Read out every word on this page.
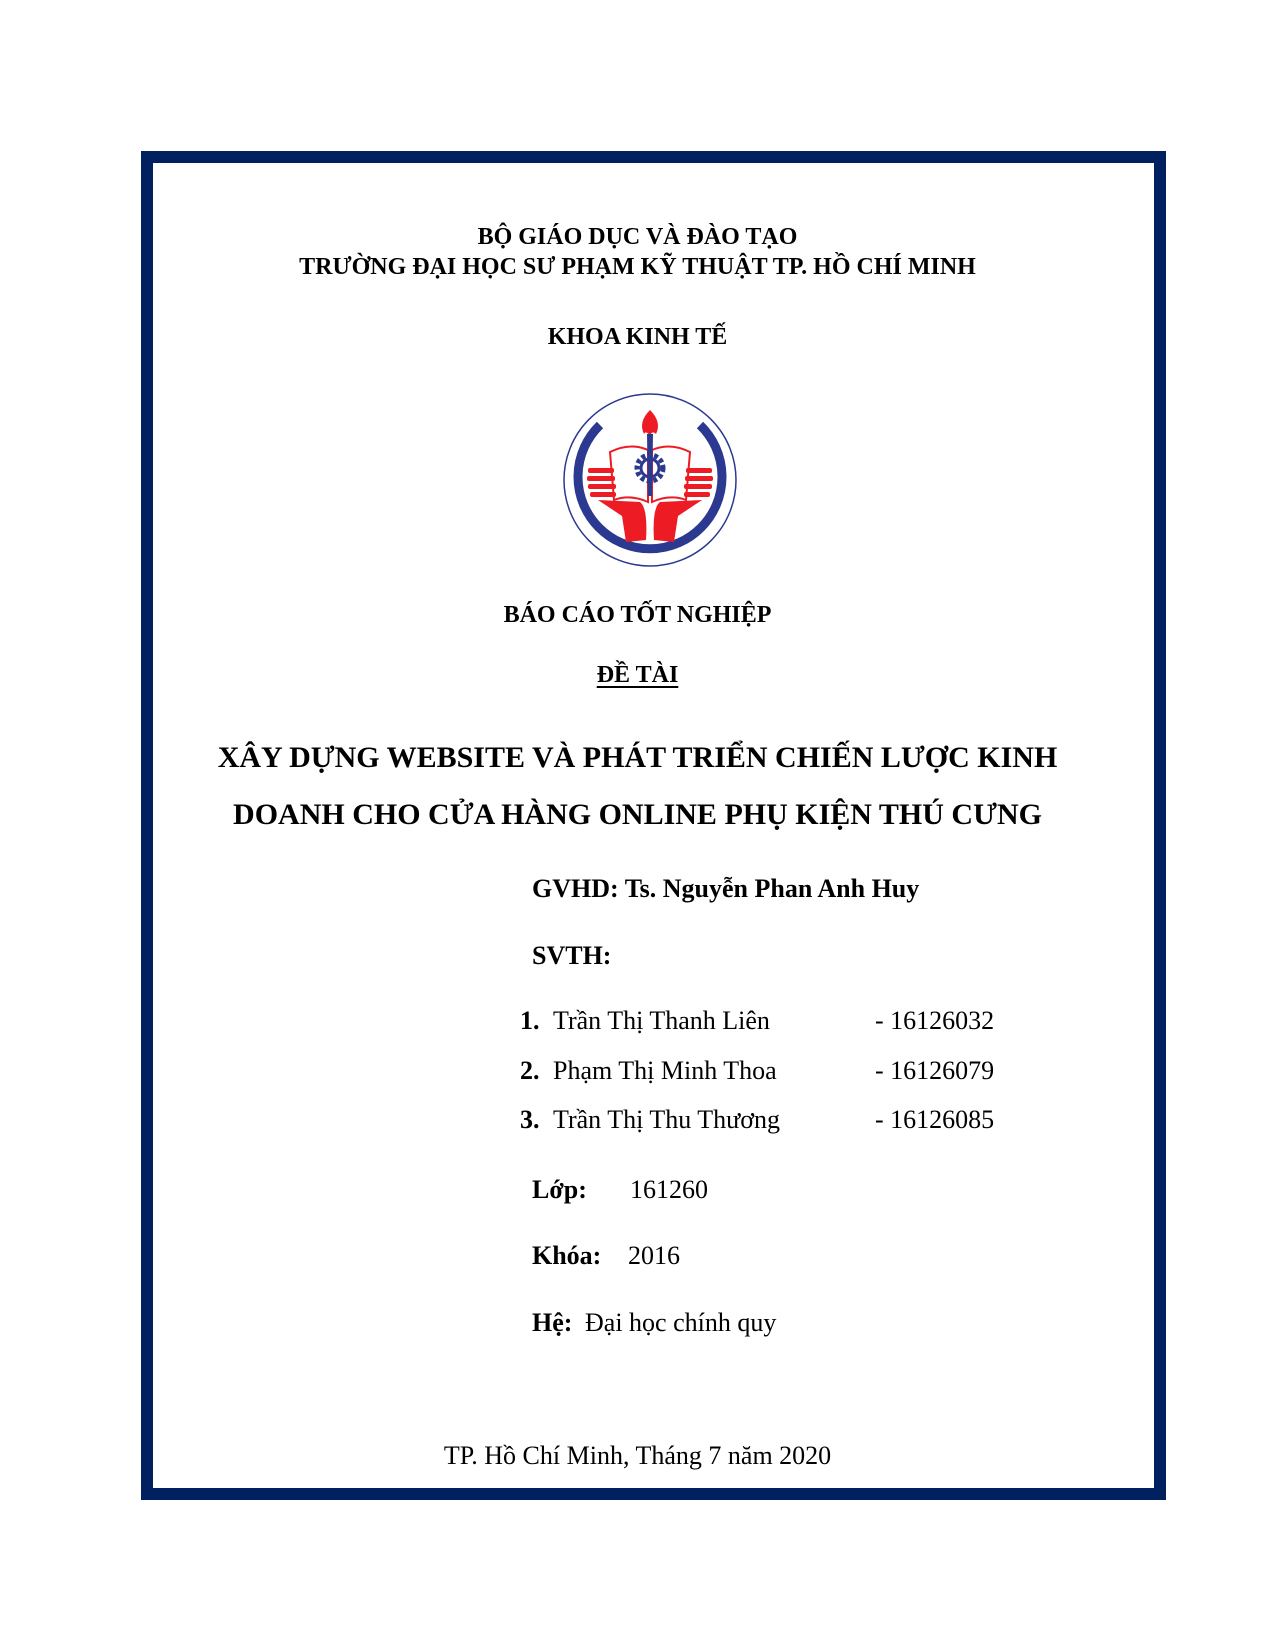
BỘ GIÁO DỤC VÀ ĐÀO TẠO
TRƯỜNG ĐẠI HỌC SƯ PHẠM KỸ THUẬT TP. HỒ CHÍ MINH
KHOA KINH TẾ
BÁO CÁO TỐT NGHIỆP
ĐỀ TÀI
XÂY DỰNG WEBSITE VÀ PHÁT TRIỂN CHIẾN LƯỢC KINH
DOANH CHO CỬA HÀNG ONLINE PHỤ KIỆN THÚ CƯNG
GVHD: Ts. Nguyễn Phan Anh Huy
SVTH:
1. Trần Thị Thanh Liên	- 16126032
2. Phạm Thị Minh Thoa	- 16126079
3. Trần Thị Thu Thương	- 16126085
Lớp: 161260
Khóa: 2016
Hệ: Đại học chính quy
TP. Hồ Chí Minh, Tháng 7 năm 2020
